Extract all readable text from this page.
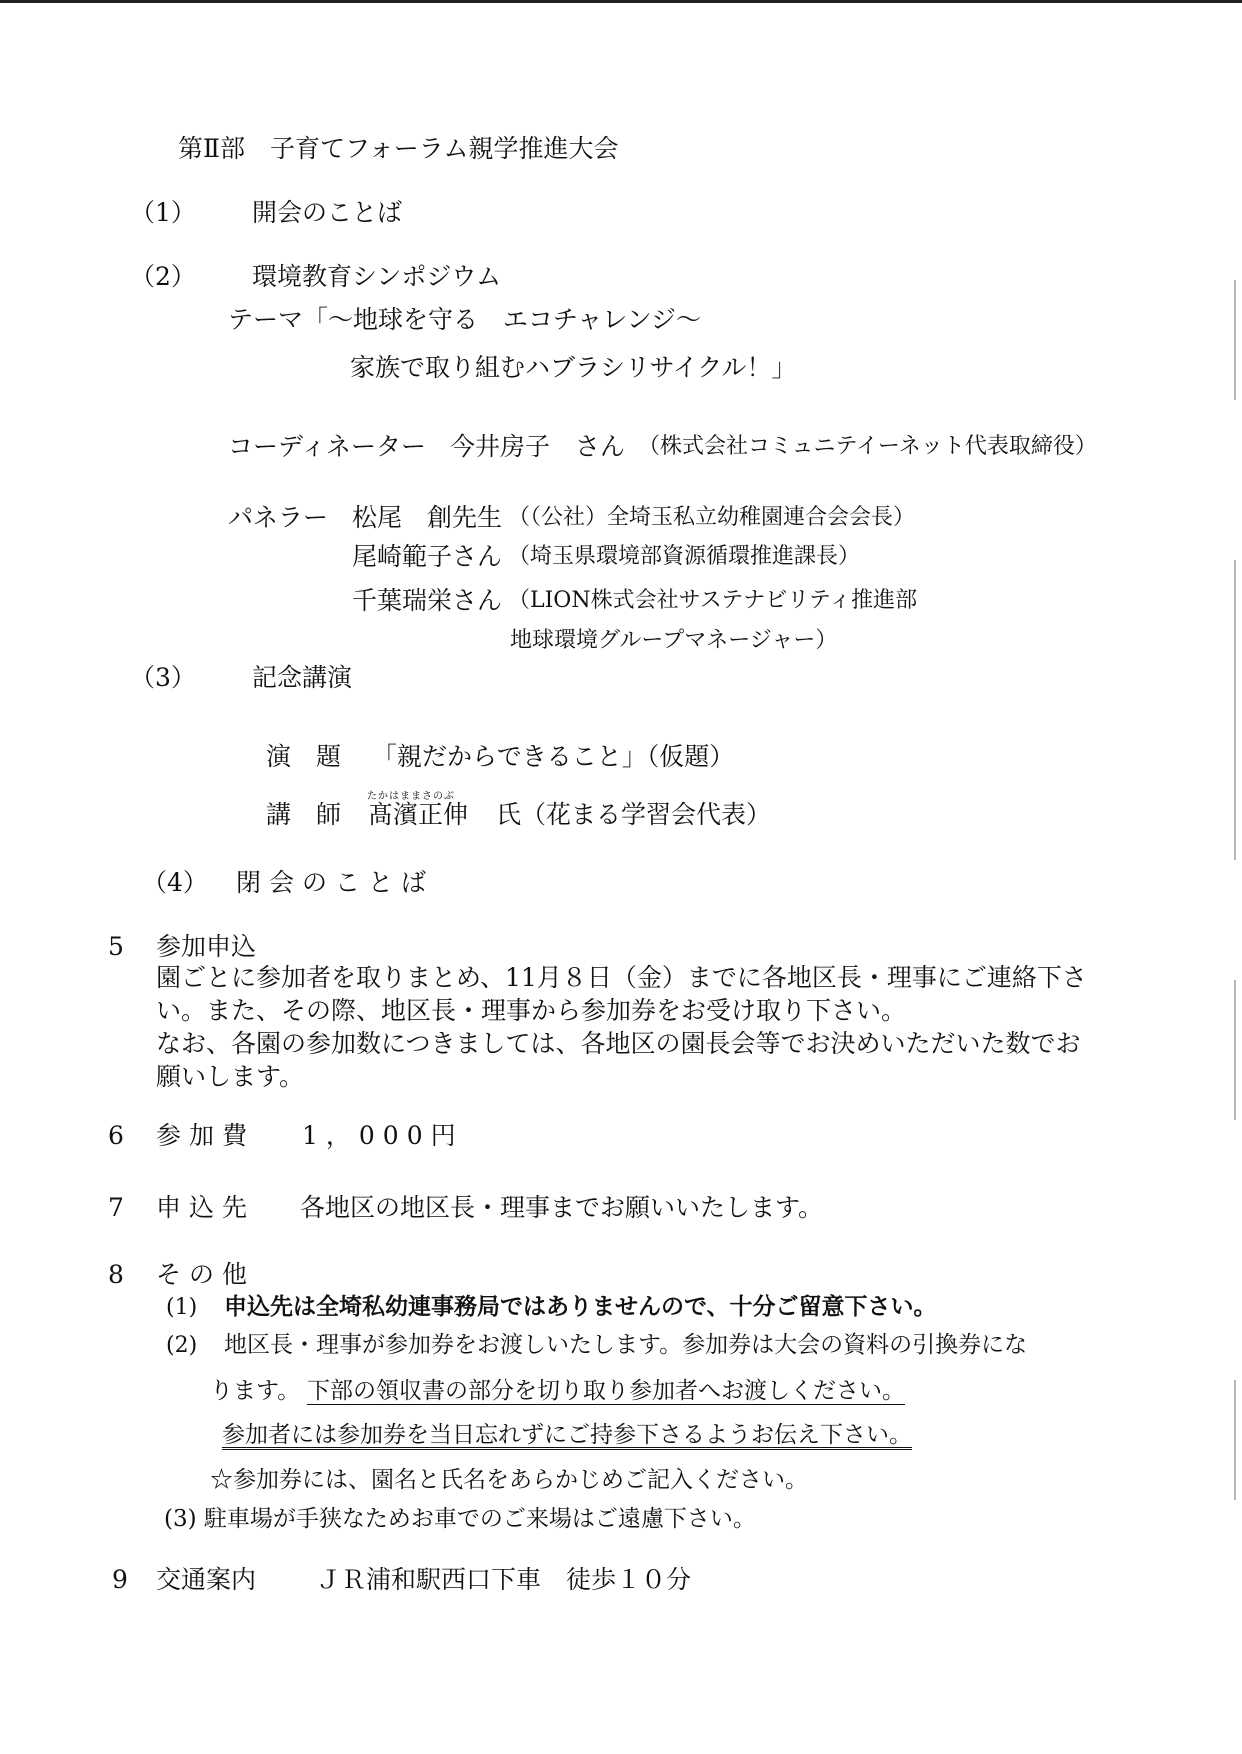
第Ⅱ部　子育てフォーラム親学推進大会
（1） 開会のことば
（2） 環境教育シンポジウム
テーマ「～地球を守る　エコチャレンジ～
家族で取り組むハブラシリサイクル！」
コーディネーター 今井房子　さん （株式会社コミュニテイーネット代表取締役）
パネラー 松尾　創先生 （（公社）全埼玉私立幼稚園連合会会長）
尾崎範子さん （埼玉県環境部資源循環推進課長）
千葉瑞栄さん （LION株式会社サステナビリティ推進部
地球環境グループマネージャー）
（3） 記念講演
演　題 「親だからできること」（仮題）
たかはままさのぶ
講　師 髙濱正伸 氏（花まる学習会代表）
（4） 閉会のことば
5 参加申込
園ごとに参加者を取りまとめ、11月８日（金）までに各地区長・理事にご連絡下さ
い。また、その際、地区長・理事から参加券をお受け取り下さい。
なお、各園の参加数につきましては、各地区の園長会等でお決めいただいた数でお
願いします。
6 参加費 1，000円
7 申込先 各地区の地区長・理事までお願いいたします。
8 その他
(1) 申込先は全埼私幼連事務局ではありませんので、十分ご留意下さい。
(2) 地区長・理事が参加券をお渡しいたします。参加券は大会の資料の引換券にな
ります。 下部の領収書の部分を切り取り参加者へお渡しください。
参加者には参加券を当日忘れずにご持参下さるようお伝え下さい。
☆参加券には、園名と氏名をあらかじめご記入ください。
(3) 駐車場が手狭なためお車でのご来場はご遠慮下さい。
9 交通案内 ＪＲ浦和駅西口下車　徒歩１０分
